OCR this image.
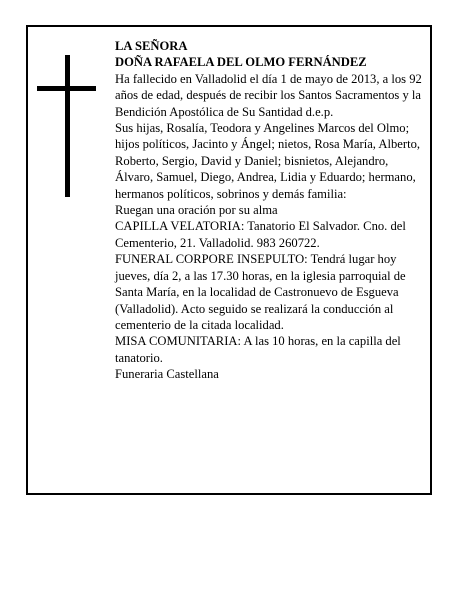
LA SEÑORA

DOÑA RAFAELA DEL OLMO FERNÁNDEZ

Ha fallecido en Valladolid el día 1 de mayo de 2013, a los 92 años de edad, después de recibir los Santos Sacramentos y la Bendición Apostólica de Su Santidad d.e.p.

Sus hijas, Rosalía, Teodora y Angelines Marcos del Olmo; hijos políticos, Jacinto y Ángel; nietos, Rosa María, Alberto, Roberto, Sergio, David y Daniel; bisnietos, Alejandro, Álvaro, Samuel, Diego, Andrea, Lidia y Eduardo; hermano, hermanos políticos, sobrinos y demás familia:

Ruegan una oración por su alma

CAPILLA VELATORIA: Tanatorio El Salvador. Cno. del Cementerio, 21. Valladolid. 983 260722.

FUNERAL CORPORE INSEPULTO: Tendrá lugar hoy jueves, día 2, a las 17.30 horas, en la iglesia parroquial de Santa María, en la localidad de Castronuevo de Esgueva (Valladolid). Acto seguido se realizará la conducción al cementerio de la citada localidad.

MISA COMUNITARIA: A las 10 horas, en la capilla del tanatorio.

Funeraria Castellana
